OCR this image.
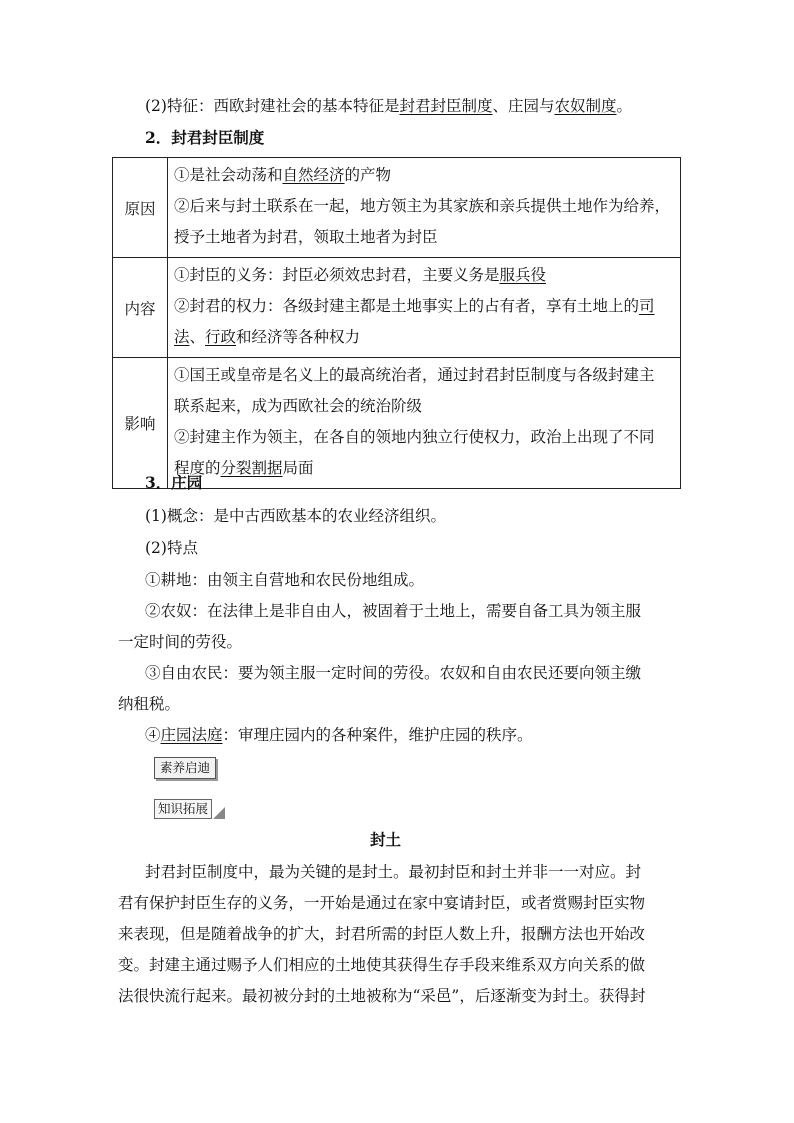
(2)特征：西欧封建社会的基本特征是封君封臣制度、庄园与农奴制度。
2．封君封臣制度
原因	①是社会动荡和自然经济的产物
②后来与封土联系在一起，地方领主为其家族和亲兵提供土地作为给养，
授予土地者为封君，领取土地者为封臣

内容	①封臣的义务：封臣必须效忠封君，主要义务是服兵役
②封君的权力：各级封建主都是土地事实上的占有者，享有土地上的司
法、行政和经济等各种权力

影响	①国王或皇帝是名义上的最高统治者，通过封君封臣制度与各级封建主
联系起来，成为西欧社会的统治阶级
②封建主作为领主，在各自的领地内独立行使权力，政治上出现了不同
程度的分裂割据局面
3．庄园
(1)概念：是中古西欧基本的农业经济组织。
(2)特点
①耕地：由领主自营地和农民份地组成。
②农奴：在法律上是非自由人，被固着于土地上，需要自备工具为领主服
一定时间的劳役。
③自由农民：要为领主服一定时间的劳役。农奴和自由农民还要向领主缴
纳租税。
④庄园法庭：审理庄园内的各种案件，维护庄园的秩序。
素养启迪
知识拓展
封土
封君封臣制度中，最为关键的是封土。最初封臣和封土并非一一对应。封
君有保护封臣生存的义务，一开始是通过在家中宴请封臣，或者赏赐封臣实物
来表现，但是随着战争的扩大，封君所需的封臣人数上升，报酬方法也开始改
变。封建主通过赐予人们相应的土地使其获得生存手段来维系双方向关系的做
法很快流行起来。最初被分封的土地被称为“采邑”，后逐渐变为封土。获得封
